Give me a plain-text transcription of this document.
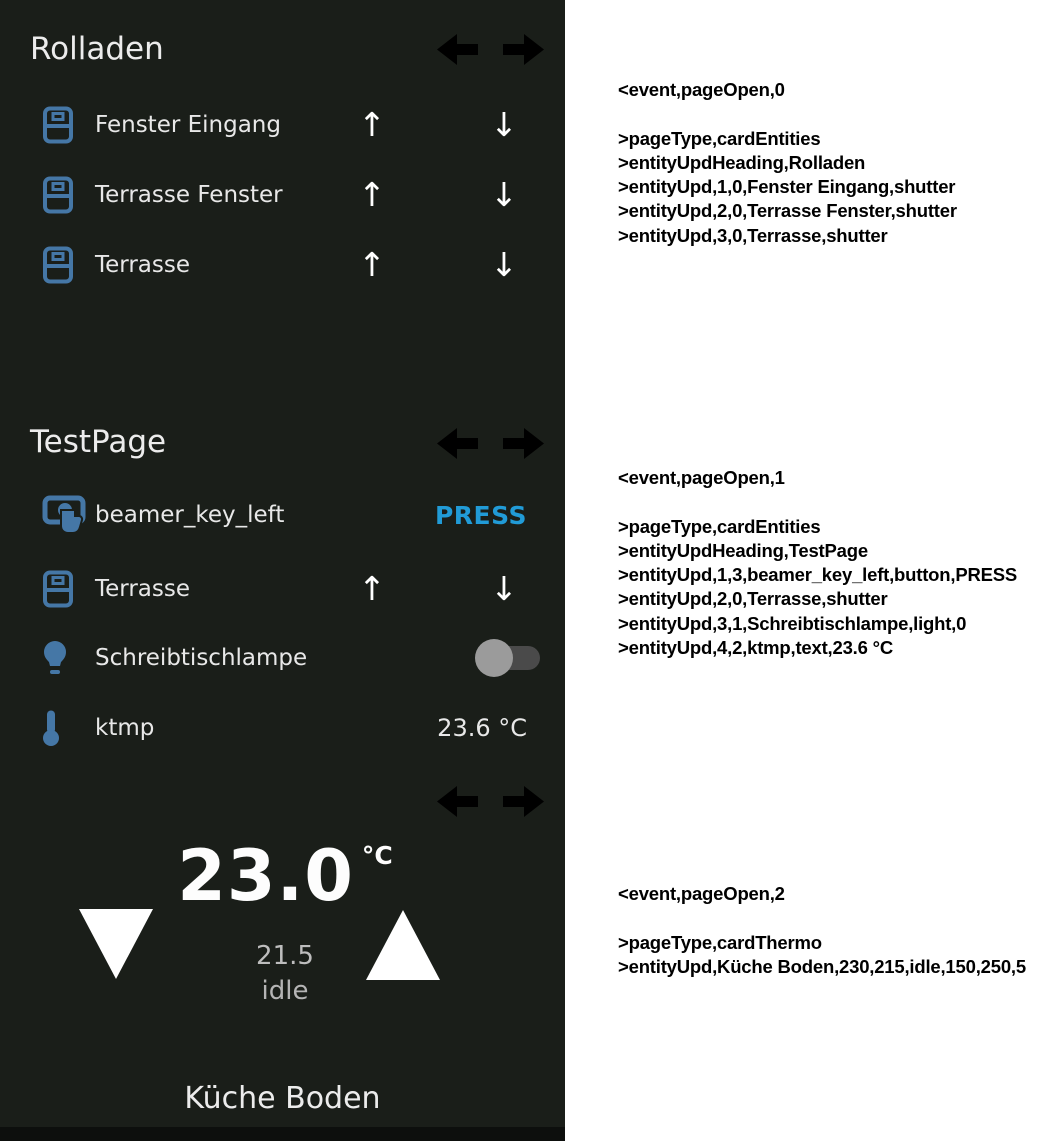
Rolladen
Fenster Eingang ↑	↓
Terrasse Fenster ↑	↓
Terrasse	↑	↓
TestPage
beamer_key_left	PRESS
Terrasse	↑	↓
Schreibtischlampe
ktmp	23.6 °C
23.0 °C
21.5
idle
Küche Boden
<event,pageOpen,0
>pageType,cardEntities
>entityUpdHeading,Rolladen
>entityUpd,1,0,Fenster Eingang,shutter
>entityUpd,2,0,Terrasse Fenster,shutter
>entityUpd,3,0,Terrasse,shutter
<event,pageOpen,1
>pageType,cardEntities
>entityUpdHeading,TestPage
>entityUpd,1,3,beamer_key_left,button,PRESS
>entityUpd,2,0,Terrasse,shutter
>entityUpd,3,1,Schreibtischlampe,light,0
>entityUpd,4,2,ktmp,text,23.6 °C
<event,pageOpen,2
>pageType,cardThermo
>entityUpd,Küche Boden,230,215,idle,150,250,5
